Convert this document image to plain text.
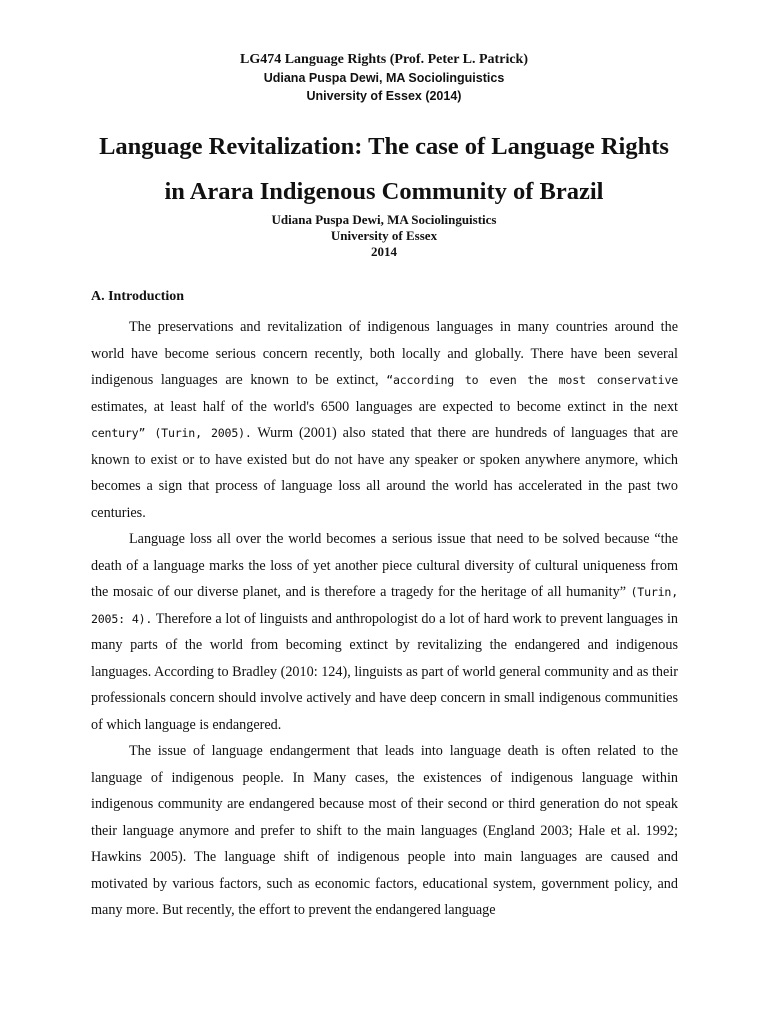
LG474 Language Rights (Prof. Peter L. Patrick)
Udiana Puspa Dewi, MA Sociolinguistics
University of Essex (2014)
Language Revitalization: The case of Language Rights
in Arara Indigenous Community of Brazil
Udiana Puspa Dewi, MA Sociolinguistics
University of Essex
2014
A. Introduction

The preservations and revitalization of indigenous languages in many countries around the world have become serious concern recently, both locally and globally. There have been several indigenous languages are known to be extinct, “according to even the most conservative estimates, at least half of the world's 6500 languages are expected to become extinct in the next century” (Turin, 2005). Wurm (2001) also stated that there are hundreds of languages that are known to exist or to have existed but do not have any speaker or spoken anywhere anymore, which becomes a sign that process of language loss all around the world has accelerated in the past two centuries.

Language loss all over the world becomes a serious issue that need to be solved because “the death of a language marks the loss of yet another piece cultural diversity of cultural uniqueness from the mosaic of our diverse planet, and is therefore a tragedy for the heritage of all humanity” (Turin, 2005: 4). Therefore a lot of linguists and anthropologist do a lot of hard work to prevent languages in many parts of the world from becoming extinct by revitalizing the endangered and indigenous languages. According to Bradley (2010: 124), linguists as part of world general community and as their professionals concern should involve actively and have deep concern in small indigenous communities of which language is endangered.

The issue of language endangerment that leads into language death is often related to the language of indigenous people. In Many cases, the existences of indigenous language within indigenous community are endangered because most of their second or third generation do not speak their language anymore and prefer to shift to the main languages (England 2003; Hale et al. 1992; Hawkins 2005). The language shift of indigenous people into main languages are caused and motivated by various factors, such as economic factors, educational system, government policy, and many more. But recently, the effort to prevent the endangered language
